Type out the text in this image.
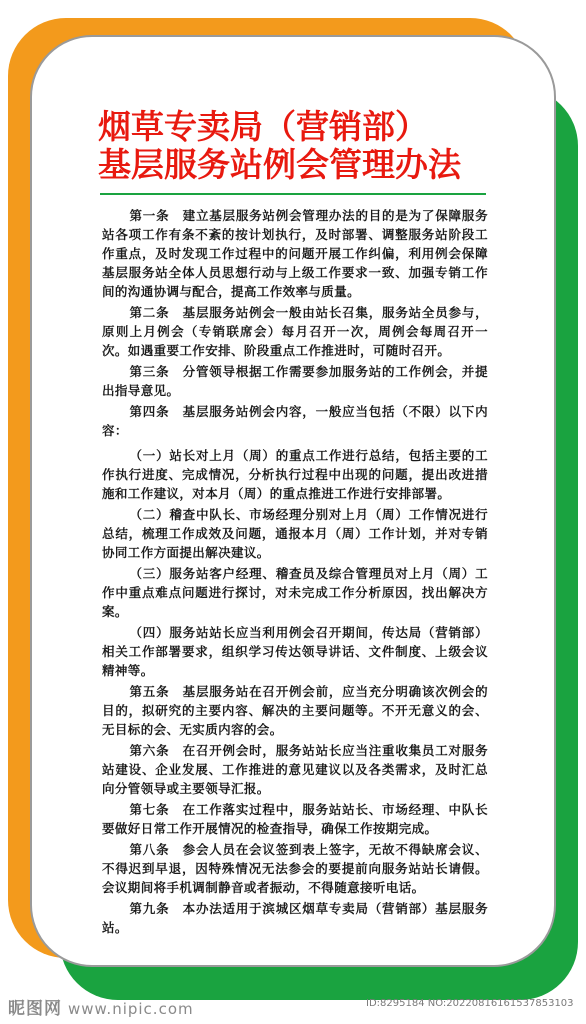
烟草专卖局（营销部）
基层服务站例会管理办法

第一条　建立基层服务站例会管理办法的目的是为了保障服务站各项工作有条不紊的按计划执行，及时部署、调整服务站阶段工作重点，及时发现工作过程中的问题开展工作纠偏，利用例会保障基层服务站全体人员思想行动与上级工作要求一致、加强专销工作间的沟通协调与配合，提高工作效率与质量。

第二条　基层服务站例会一般由站长召集，服务站全员参与，原则上月例会（专销联席会）每月召开一次，周例会每周召开一次。如遇重要工作安排、阶段重点工作推进时，可随时召开。

第三条　分管领导根据工作需要参加服务站的工作例会，并提出指导意见。

第四条　基层服务站例会内容，一般应当包括（不限）以下内容：

（一）站长对上月（周）的重点工作进行总结，包括主要的工作执行进度、完成情况，分析执行过程中出现的问题，提出改进措施和工作建议，对本月（周）的重点推进工作进行安排部署。

（二）稽查中队长、市场经理分别对上月（周）工作情况进行总结，梳理工作成效及问题，通报本月（周）工作计划，并对专销协同工作方面提出解决建议。

（三）服务站客户经理、稽查员及综合管理员对上月（周）工作中重点难点问题进行探讨，对未完成工作分析原因，找出解决方案。

（四）服务站站长应当利用例会召开期间，传达局（营销部）相关工作部署要求，组织学习传达领导讲话、文件制度、上级会议精神等。

第五条　基层服务站在召开例会前，应当充分明确该次例会的目的，拟研究的主要内容、解决的主要问题等。不开无意义的会、无目标的会、无实质内容的会。

第六条　在召开例会时，服务站站长应当注重收集员工对服务站建设、企业发展、工作推进的意见建议以及各类需求，及时汇总向分管领导或主要领导汇报。

第七条　在工作落实过程中，服务站站长、市场经理、中队长要做好日常工作开展情况的检查指导，确保工作按期完成。

第八条　参会人员在会议签到表上签字，无故不得缺席会议、不得迟到早退，因特殊情况无法参会的要提前向服务站站长请假。会议期间将手机调制静音或者振动，不得随意接听电话。

第九条　本办法适用于滨城区烟草专卖局（营销部）基层服务站。

昵图网 www.nipic.com	ID:8295184 NO:20220816161537853103
